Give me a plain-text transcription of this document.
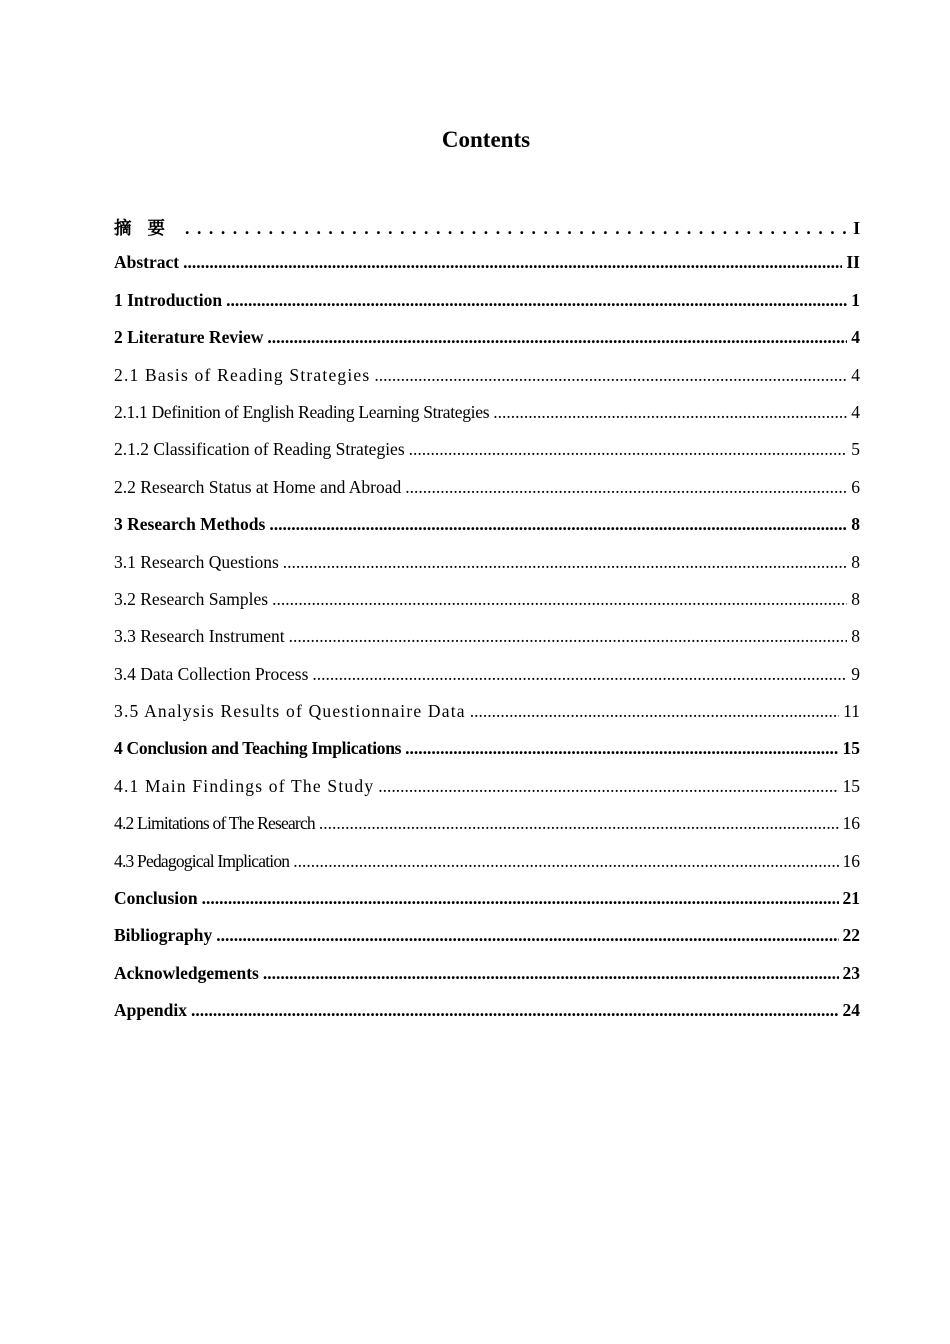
Contents
摘要 . . .	I
Abstract .....	II
1 Introduction .....	1
2 Literature Review .....	4
2.1 Basis of Reading Strategies .....	4
2.1.1 Definition of English Reading Learning Strategies .....	4
2.1.2 Classification of Reading Strategies .....	5
2.2 Research Status at Home and Abroad .....	6
3 Research Methods .....	8
3.1 Research Questions .....	8
3.2 Research Samples .....	8
3.3 Research Instrument .....	8
3.4 Data Collection Process .....	9
3.5 Analysis Results of Questionnaire Data .....	11
4 Conclusion and Teaching Implications .....	15
4.1 Main Findings of The Study .....	15
4.2 Limitations of The Research .....	16
4.3 Pedagogical Implication .....	16
Conclusion .....	21
Bibliography .....	22
Acknowledgements .....	23
Appendix .....	24
